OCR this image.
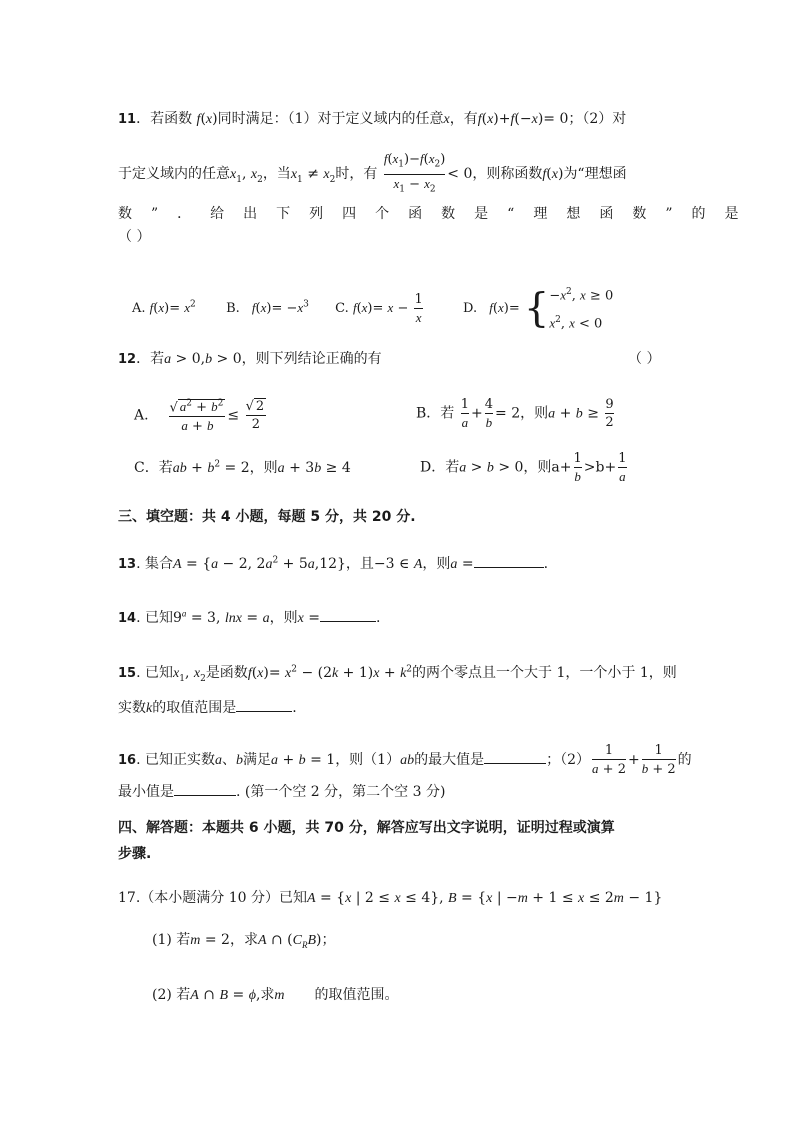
11．若函数 f(x)同时满足：（1）对于定义域内的任意x，有f(x)+f(−x)= 0；（2）对
于定义域内的任意$x_1$, $x_2$，当$x_1 \ne x_2$时，有 $\frac{f(x_1)-f(x_2)}{x_1 - x_2} < 0$，则称函数f(x)为“理想函
数”．给出下列四个函数是“理想函数”的是
（ ）
A. $f(x)= x^2$ B. $f(x)= -x^3$ C. $f(x)= x - \frac{1}{x}$	D. $f(x)= \{-x^2$, x ≥ 0
$x^2$, x < 0
12．若a > 0,b > 0，则下列结论正确的有	（ ）
A. $\frac{√ a^2 + b^2}{a + b} \le \frac{√ 2}{2}$	B．若 $\frac{1}{a} + \frac{4}{b} = 2$，则$a + b \ge \frac{9}{2}$
C．若ab + $b^2 = 2$，则a + 3b ≥ 4	D．若a > b > 0，则$a+ \frac{1}{b} >b+ \frac{1}{a}$
三、填空题：共 4 小题，每题 5 分，共 20 分.
13. 集合A = {a − 2, $2a^2 + 5a,12$}，且−3 ∈ A，则a =	.
14. 已知$9^a = 3$, lnx = a，则x =	.
15. 已知$x_1$, $x_2$是函数$f(x)= x^2 - (2k + 1)x + k^2$的两个零点且一个大于 1，一个小于 1，则
实数k的取值范围是	.
16. 已知正实数a、b满足a + b = 1，则（1）ab的最大值是	；$(2) \frac{1}{a + 2} + \frac{1}{b + 2}$ 的
最小值是	. (第一个空 2 分，第二个空 3 分)
四、解答题：本题共 6 小题，共 70 分，解答应写出文字说明，证明过程或演算
步骤.
17.（本小题满分 10 分）已知A = {x | 2 ≤ x ≤ 4}, B = {x | −m + 1 ≤ x ≤ 2m − 1}
(1) 若m = 2，求A ∩ $(C_RB)$；
(2) 若A ∩ B = ϕ,求m 的取值范围。
